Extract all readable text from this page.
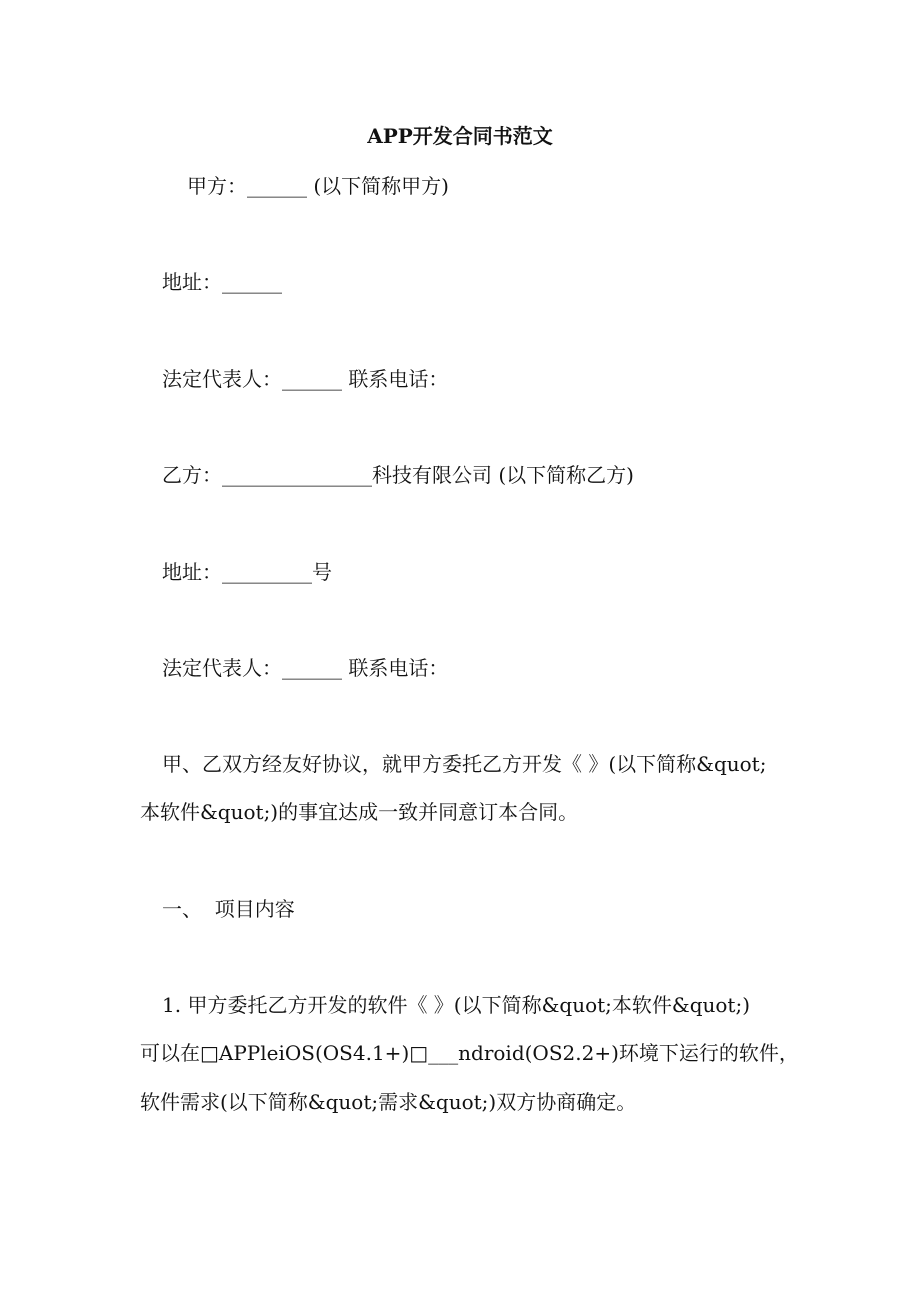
APP开发合同书范文
甲方：______ (以下简称甲方)
地址：______
法定代表人：______ 联系电话：
乙方：_______________科技有限公司 (以下简称乙方)
地址：_________号
法定代表人：______ 联系电话：
甲、乙双方经友好协议，就甲方委托乙方开发《 》(以下简称&quot;
本软件&quot;)的事宜达成一致并同意订本合同。
一、  项目内容
1. 甲方委托乙方开发的软件《 》(以下简称&quot;本软件&quot;)
可以在□APPleiOS(OS4.1+)□___ndroid(OS2.2+)环境下运行的软件，
软件需求(以下简称&quot;需求&quot;)双方协商确定。
